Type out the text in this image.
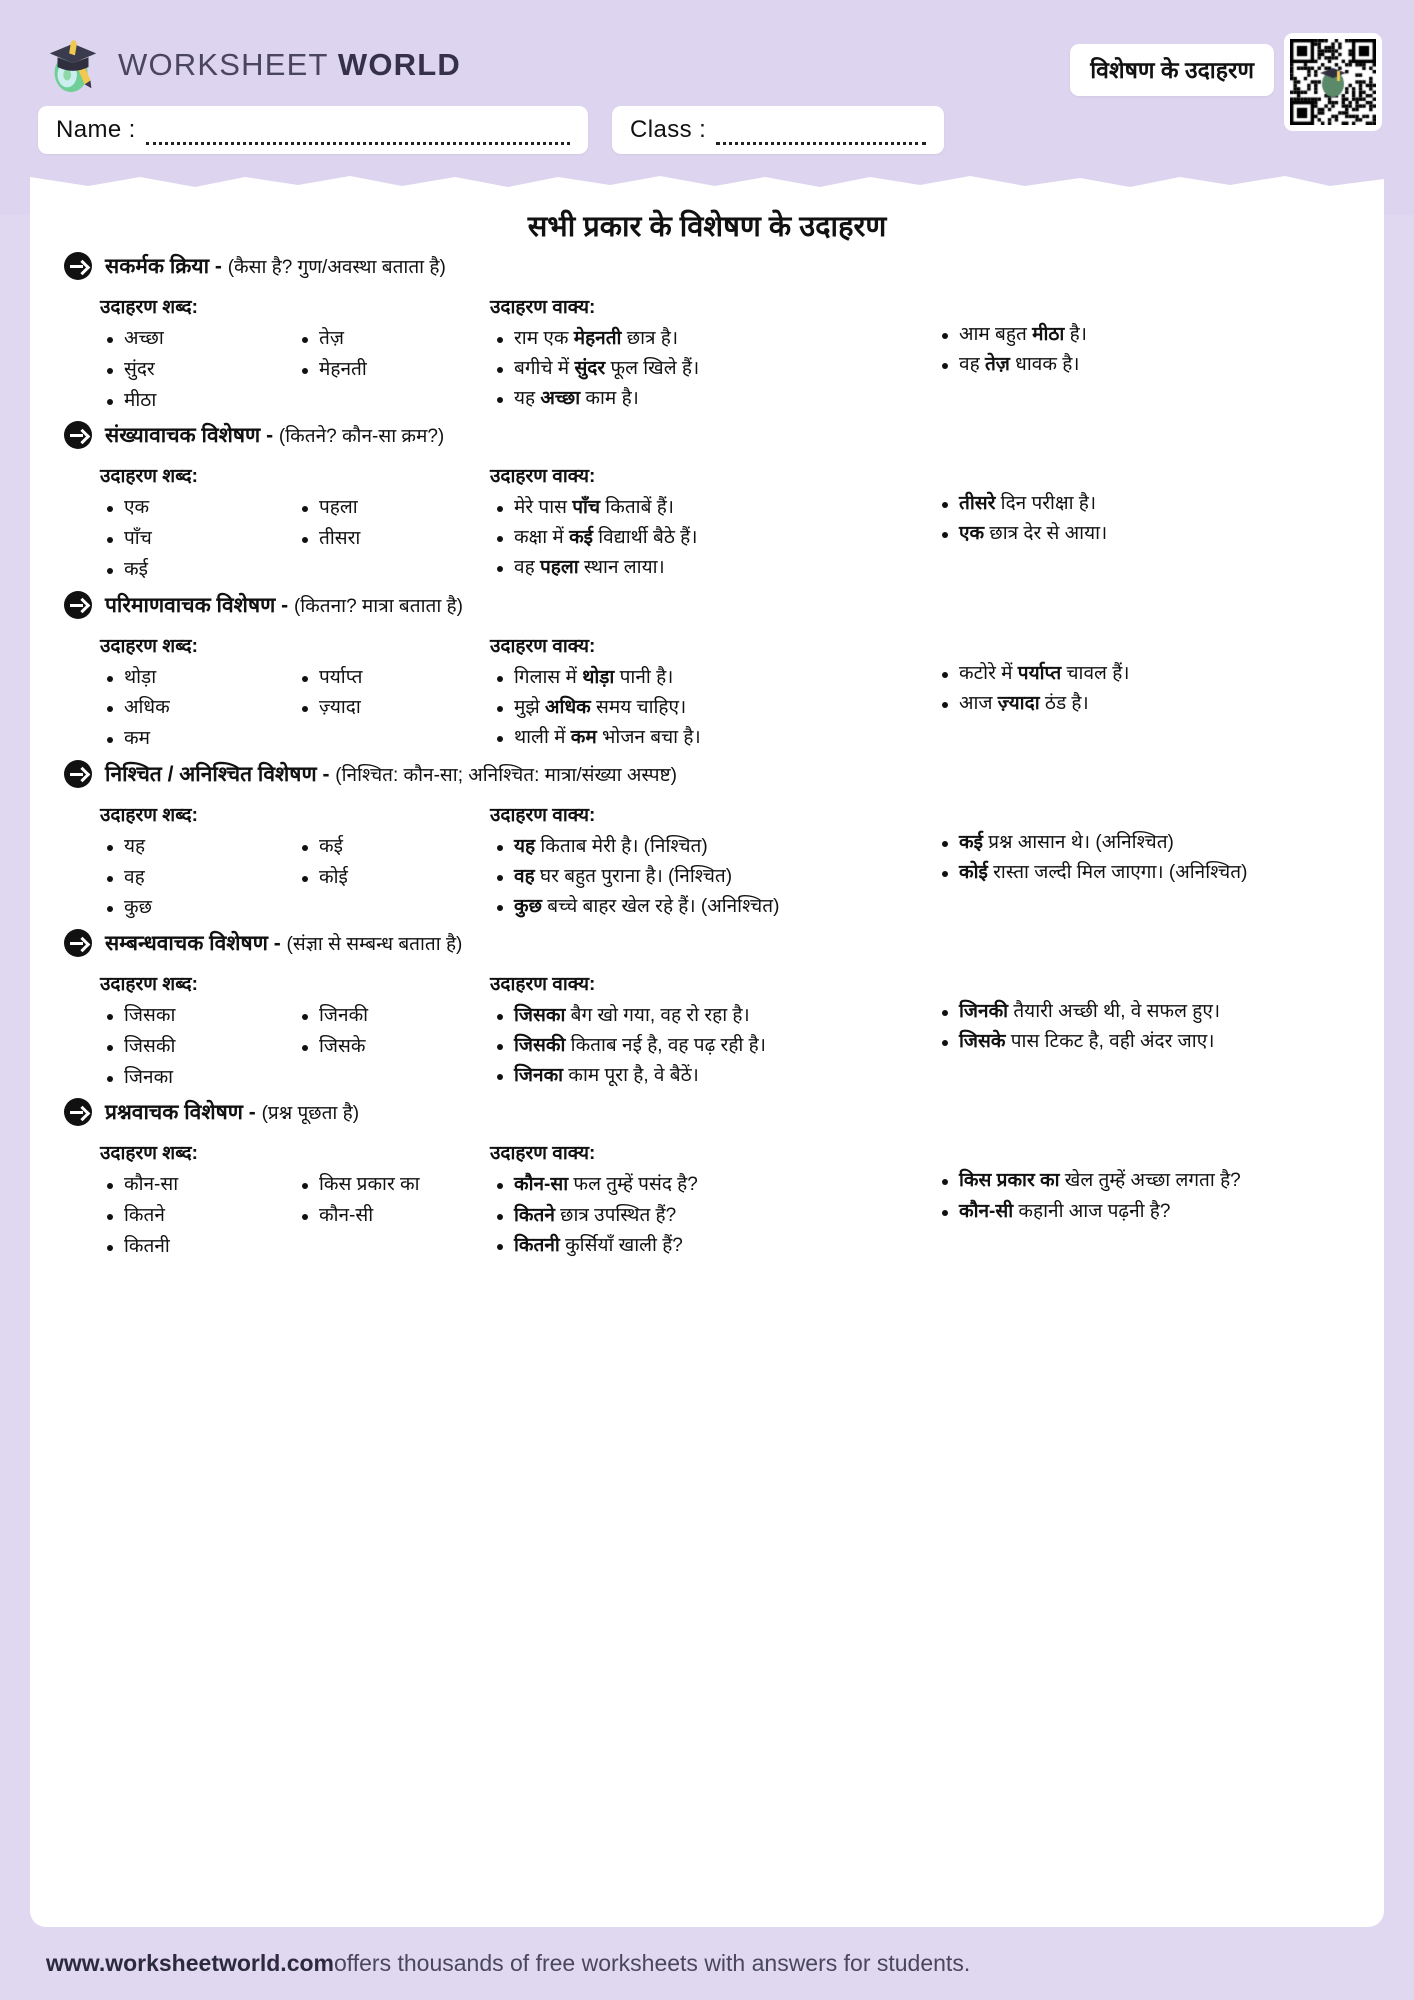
WORKSHEET WORLD	विशेषण के उदाहरण
Name :	Class :
सभी प्रकार के विशेषण के उदाहरण
सकर्मक क्रिया - (कैसा है? गुण/अवस्था बताता है)
उदाहरण शब्द:
अच्छा
सुंदर
मीठा
तेज़
मेहनती
उदाहरण वाक्य:
राम एक मेहनती छात्र है।
बगीचे में सुंदर फूल खिले हैं।
यह अच्छा काम है।
आम बहुत मीठा है।
वह तेज़ धावक है।
संख्यावाचक विशेषण - (कितने? कौन-सा क्रम?)
उदाहरण शब्द:
एक
पाँच
कई
पहला
तीसरा
उदाहरण वाक्य:
मेरे पास पाँच किताबें हैं।
कक्षा में कई विद्यार्थी बैठे हैं।
वह पहला स्थान लाया।
तीसरे दिन परीक्षा है।
एक छात्र देर से आया।
परिमाणवाचक विशेषण - (कितना? मात्रा बताता है)
उदाहरण शब्द:
थोड़ा
अधिक
कम
पर्याप्त
ज़्यादा
उदाहरण वाक्य:
गिलास में थोड़ा पानी है।
मुझे अधिक समय चाहिए।
थाली में कम भोजन बचा है।
कटोरे में पर्याप्त चावल हैं।
आज ज़्यादा ठंड है।
निश्चित / अनिश्चित विशेषण - (निश्चित: कौन-सा; अनिश्चित: मात्रा/संख्या अस्पष्ट)
उदाहरण शब्द:
यह
वह
कुछ
कई
कोई
उदाहरण वाक्य:
यह किताब मेरी है। (निश्चित)
वह घर बहुत पुराना है। (निश्चित)
कुछ बच्चे बाहर खेल रहे हैं। (अनिश्चित)
कई प्रश्न आसान थे। (अनिश्चित)
कोई रास्ता जल्दी मिल जाएगा। (अनिश्चित)
सम्बन्धवाचक विशेषण - (संज्ञा से सम्बन्ध बताता है)
उदाहरण शब्द:
जिसका
जिसकी
जिनका
जिनकी
जिसके
उदाहरण वाक्य:
जिसका बैग खो गया, वह रो रहा है।
जिसकी किताब नई है, वह पढ़ रही है।
जिनका काम पूरा है, वे बैठें।
जिनकी तैयारी अच्छी थी, वे सफल हुए।
जिसके पास टिकट है, वही अंदर जाए।
प्रश्नवाचक विशेषण - (प्रश्न पूछता है)
उदाहरण शब्द:
कौन-सा
कितने
कितनी
किस प्रकार का
कौन-सी
उदाहरण वाक्य:
कौन-सा फल तुम्हें पसंद है?
कितने छात्र उपस्थित हैं?
कितनी कुर्सियाँ खाली हैं?
किस प्रकार का खेल तुम्हें अच्छा लगता है?
कौन-सी कहानी आज पढ़नी है?
www.worksheetworld.com offers thousands of free worksheets with answers for students.
